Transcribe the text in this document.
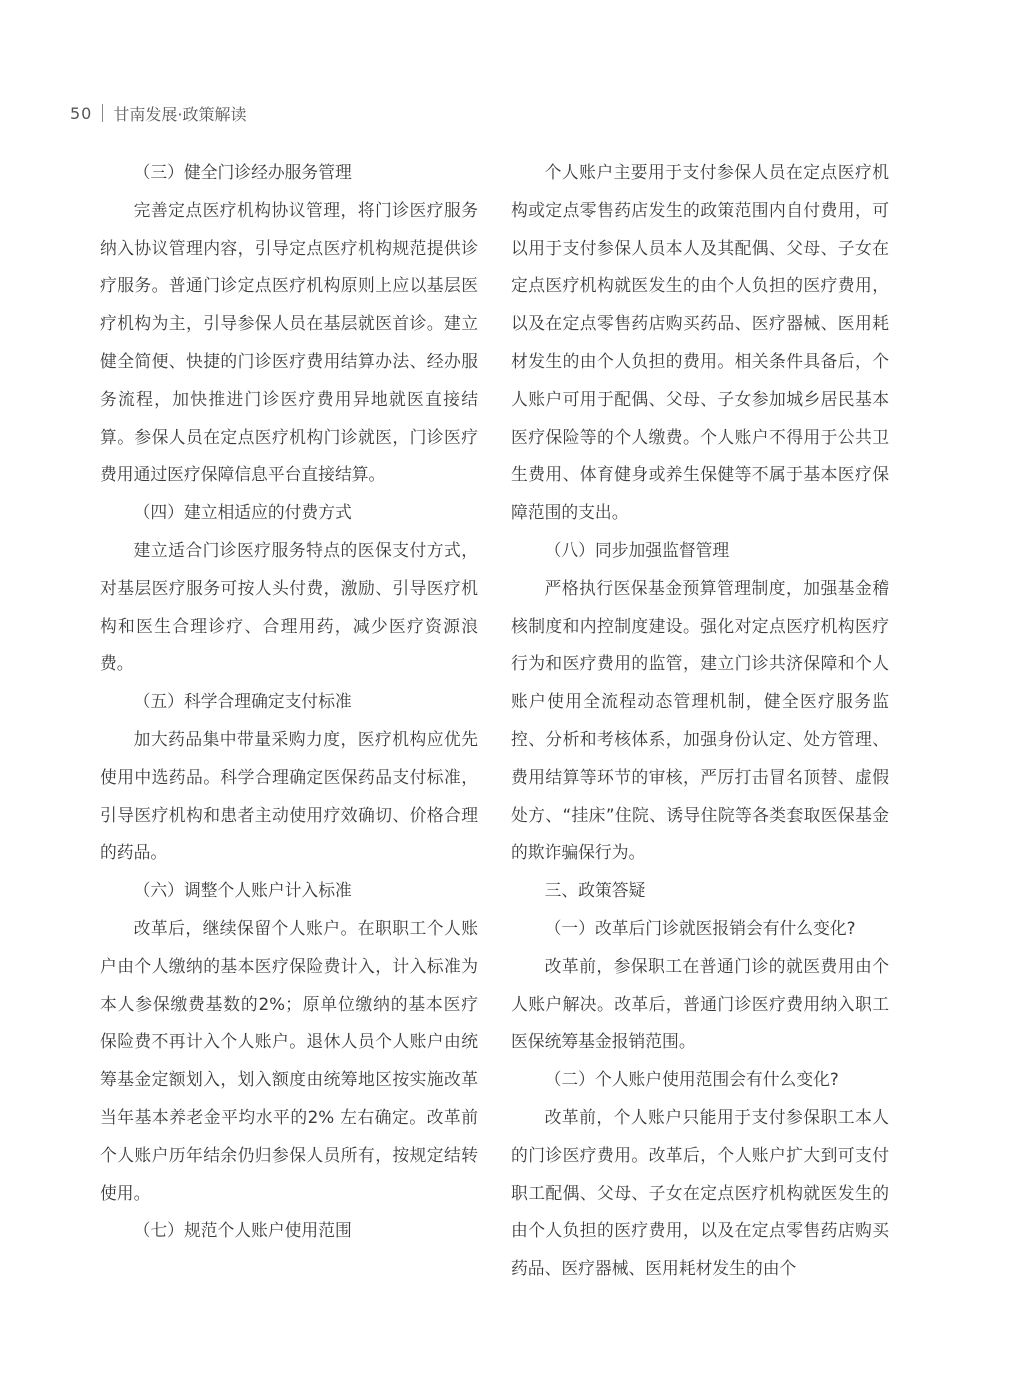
50 甘南发展·政策解读

（三）健全门诊经办服务管理

完善定点医疗机构协议管理，将门诊医疗服务纳入协议管理内容，引导定点医疗机构规范提供诊疗服务。普通门诊定点医疗机构原则上应以基层医疗机构为主，引导参保人员在基层就医首诊。建立健全简便、快捷的门诊医疗费用结算办法、经办服务流程，加快推进门诊医疗费用异地就医直接结算。参保人员在定点医疗机构门诊就医，门诊医疗费用通过医疗保障信息平台直接结算。

（四）建立相适应的付费方式

建立适合门诊医疗服务特点的医保支付方式，对基层医疗服务可按人头付费，激励、引导医疗机构和医生合理诊疗、合理用药，减少医疗资源浪费。

（五）科学合理确定支付标准

加大药品集中带量采购力度，医疗机构应优先使用中选药品。科学合理确定医保药品支付标准，引导医疗机构和患者主动使用疗效确切、价格合理的药品。

（六）调整个人账户计入标准

改革后，继续保留个人账户。在职职工个人账户由个人缴纳的基本医疗保险费计入，计入标准为本人参保缴费基数的2%；原单位缴纳的基本医疗保险费不再计入个人账户。退休人员个人账户由统筹基金定额划入，划入额度由统筹地区按实施改革当年基本养老金平均水平的2% 左右确定。改革前个人账户历年结余仍归参保人员所有，按规定结转使用。

（七）规范个人账户使用范围

个人账户主要用于支付参保人员在定点医疗机构或定点零售药店发生的政策范围内自付费用，可以用于支付参保人员本人及其配偶、父母、子女在定点医疗机构就医发生的由个人负担的医疗费用，以及在定点零售药店购买药品、医疗器械、医用耗材发生的由个人负担的费用。相关条件具备后，个人账户可用于配偶、父母、子女参加城乡居民基本医疗保险等的个人缴费。个人账户不得用于公共卫生费用、体育健身或养生保健等不属于基本医疗保障范围的支出。

（八）同步加强监督管理

严格执行医保基金预算管理制度，加强基金稽核制度和内控制度建设。强化对定点医疗机构医疗行为和医疗费用的监管，建立门诊共济保障和个人账户使用全流程动态管理机制，健全医疗服务监控、分析和考核体系，加强身份认定、处方管理、费用结算等环节的审核，严厉打击冒名顶替、虚假处方、“挂床”住院、诱导住院等各类套取医保基金的欺诈骗保行为。

三、政策答疑

（一）改革后门诊就医报销会有什么变化?

改革前，参保职工在普通门诊的就医费用由个人账户解决。改革后，普通门诊医疗费用纳入职工医保统筹基金报销范围。

（二）个人账户使用范围会有什么变化?

改革前，个人账户只能用于支付参保职工本人的门诊医疗费用。改革后，个人账户扩大到可支付职工配偶、父母、子女在定点医疗机构就医发生的由个人负担的医疗费用，以及在定点零售药店购买药品、医疗器械、医用耗材发生的由个
